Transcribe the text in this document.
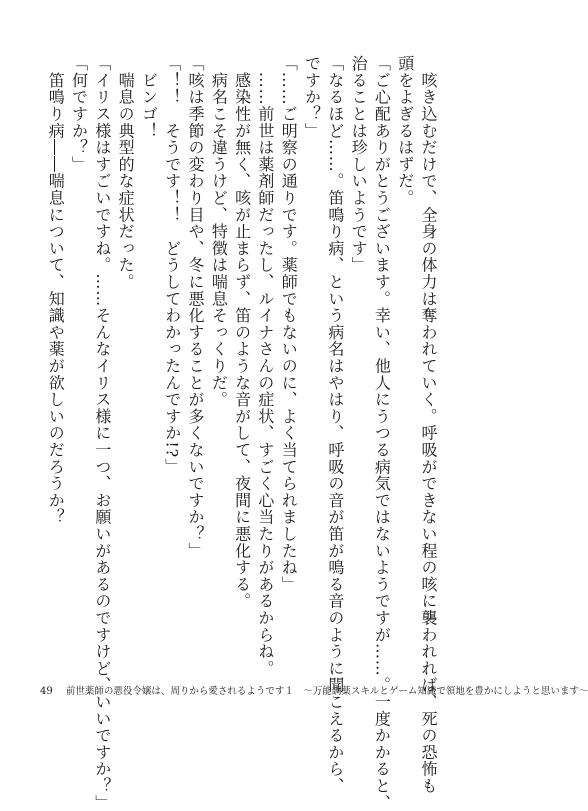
　咳き込むだけで、全身の体力は奪われていく。呼吸ができない程の咳に襲われれば、死の恐怖も
頭をよぎるはずだ。
「ご心配ありがとうございます。幸い、他人にうつる病気ではないようですが……。一度かかると、
治ることは珍しいようです」
「なるほど……。笛鳴り病、という病名はやはり、呼吸の音が笛が鳴る音のように聞こえるから、
ですか？」
「……ご明察の通りです。薬師でもないのに、よく当てられましたね」
　……前世は薬剤師だったし、ルイナさんの症状、すごく心当たりがあるからね。
　感染性が無く、咳が止まらず、笛のような音がして、夜間に悪化する。
　病名こそ違うけど、特徴は喘息そっくりだ。
「咳は季節の変わり目や、冬に悪化することが多くないですか？」
「！！　そうです！！　どうしてわかったんですか!?」
　ビンゴ！
　喘息の典型的な症状だった。
「イリス様はすごいですね。……そんなイリス様に一つ、お願いがあるのですけど、いいですか？」
「何ですか？」
　笛鳴り病――喘息について、知識や薬が欲しいのだろうか？
49 前世薬師の悪役令嬢は、周りから愛されるようです１　～万能調薬スキルとゲーム知識で領地を豊かにしようと思います～
